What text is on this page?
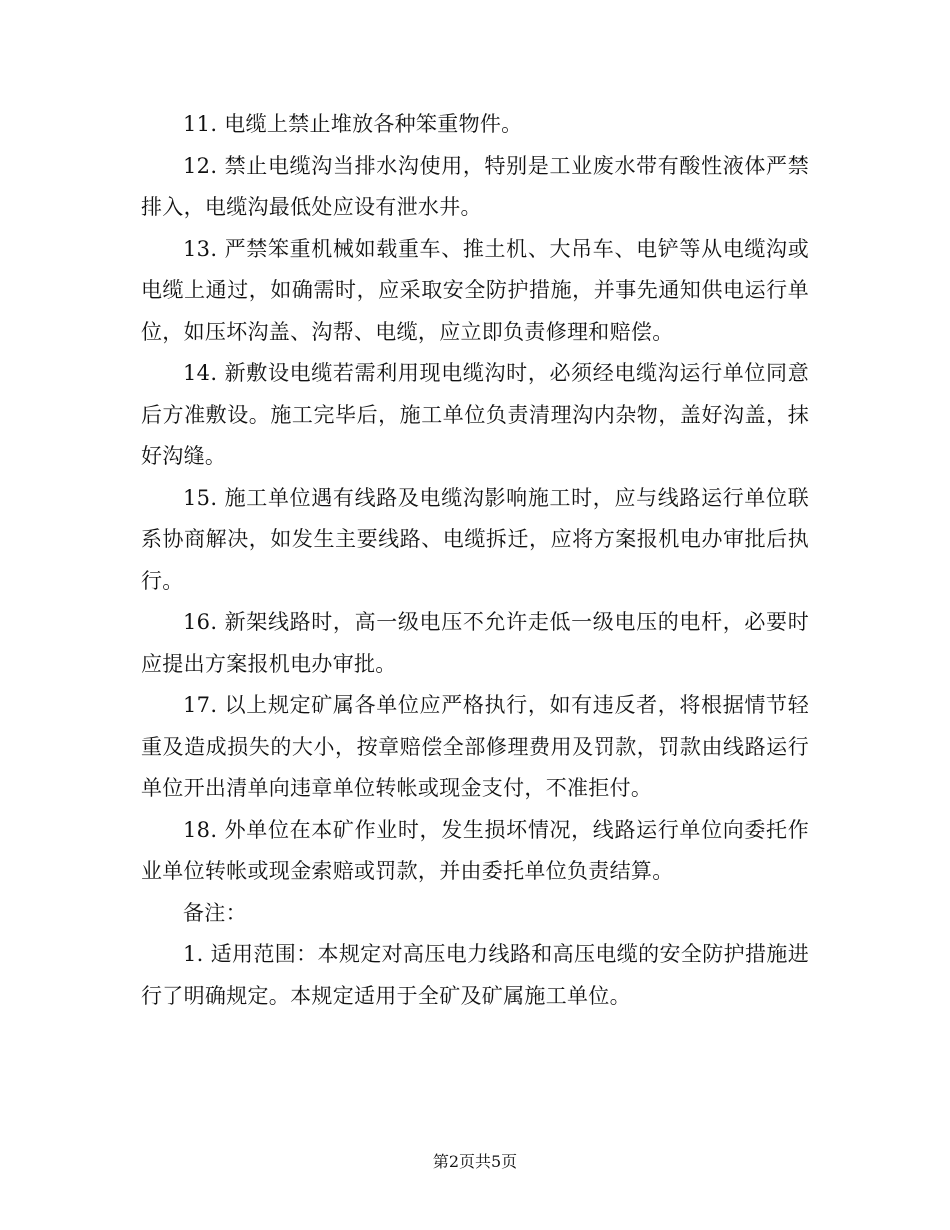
11. 电缆上禁止堆放各种笨重物件。

12. 禁止电缆沟当排水沟使用，特别是工业废水带有酸性液体严禁排入，电缆沟最低处应设有泄水井。

13. 严禁笨重机械如载重车、推土机、大吊车、电铲等从电缆沟或电缆上通过，如确需时，应采取安全防护措施，并事先通知供电运行单位，如压坏沟盖、沟帮、电缆，应立即负责修理和赔偿。

14. 新敷设电缆若需利用现电缆沟时，必须经电缆沟运行单位同意后方准敷设。施工完毕后，施工单位负责清理沟内杂物，盖好沟盖，抹好沟缝。

15. 施工单位遇有线路及电缆沟影响施工时，应与线路运行单位联系协商解决，如发生主要线路、电缆拆迁，应将方案报机电办审批后执行。

16. 新架线路时，高一级电压不允许走低一级电压的电杆，必要时应提出方案报机电办审批。

17. 以上规定矿属各单位应严格执行，如有违反者，将根据情节轻重及造成损失的大小，按章赔偿全部修理费用及罚款，罚款由线路运行单位开出清单向违章单位转帐或现金支付，不准拒付。

18. 外单位在本矿作业时，发生损坏情况，线路运行单位向委托作业单位转帐或现金索赔或罚款，并由委托单位负责结算。

备注：

1. 适用范围：本规定对高压电力线路和高压电缆的安全防护措施进行了明确规定。本规定适用于全矿及矿属施工单位。

第2页共5页
